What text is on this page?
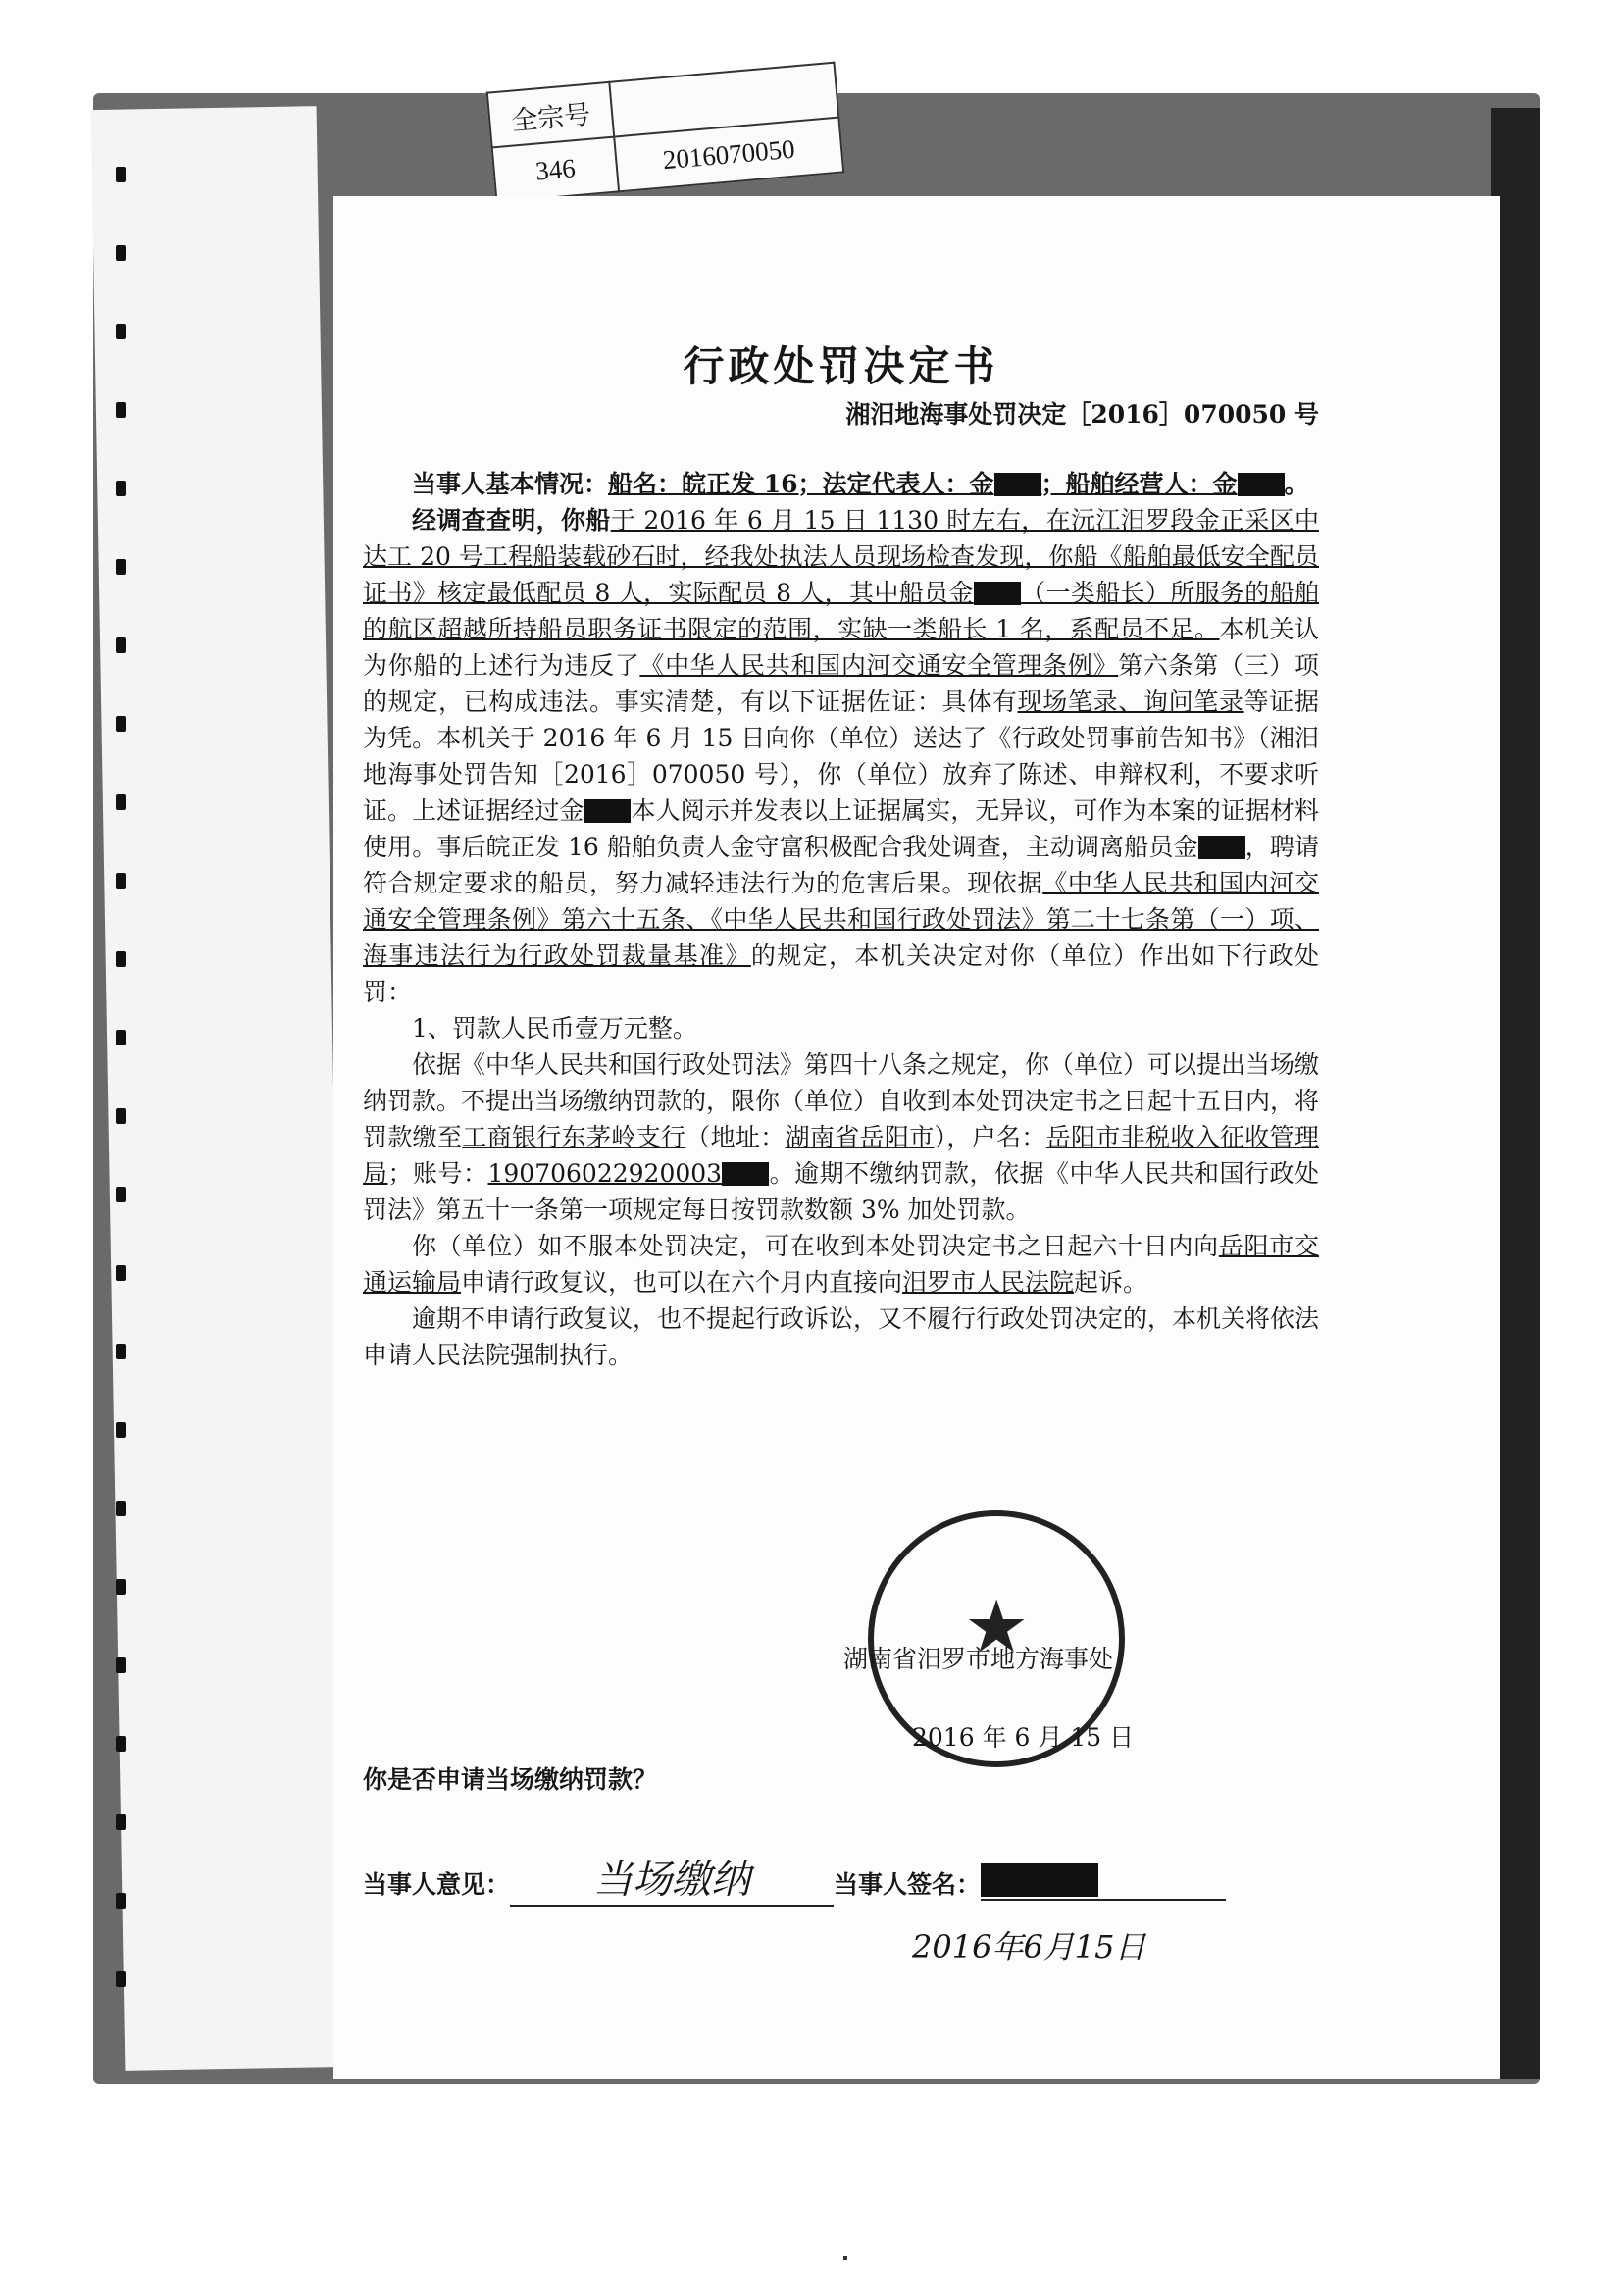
全宗号	
346	2016070050
行政处罚决定书
湘汨地海事处罚决定［2016］070050 号

当事人基本情况：船名：皖正发 16；法定代表人：金 ；船舶经营人：金 。

经调查查明，你船于 2016 年 6 月 15 日 1130 时左右，在沅江汨罗段金正采区中达工 20 号工程船装载砂石时，经我处执法人员现场检查发现，你船《船舶最低安全配员证书》核定最低配员 8 人，实际配员 8 人，其中船员金 （一类船长）所服务的船舶的航区超越所持船员职务证书限定的范围，实缺一类船长 1 名，系配员不足。本机关认为你船的上述行为违反了《中华人民共和国内河交通安全管理条例》第六条第（三）项的规定，已构成违法。事实清楚，有以下证据佐证：具体有现场笔录、询问笔录等证据为凭。本机关于 2016 年 6 月 15 日向你（单位）送达了《行政处罚事前告知书》（湘汨地海事处罚告知［2016］070050 号），你（单位）放弃了陈述、申辩权利，不要求听证。上述证据经过金 本人阅示并发表以上证据属实，无异议，可作为本案的证据材料使用。事后皖正发 16 船舶负责人金守富积极配合我处调查，主动调离船员金 ，聘请符合规定要求的船员，努力减轻违法行为的危害后果。现依据《中华人民共和国内河交通安全管理条例》第六十五条、《中华人民共和国行政处罚法》第二十七条第（一）项、海事违法行为行政处罚裁量基准》的规定，本机关决定对你（单位）作出如下行政处罚：

1、罚款人民币壹万元整。

依据《中华人民共和国行政处罚法》第四十八条之规定，你（单位）可以提出当场缴纳罚款。不提出当场缴纳罚款的，限你（单位）自收到本处罚决定书之日起十五日内，将罚款缴至工商银行东茅岭支行（地址：湖南省岳阳市），户名：岳阳市非税收入征收管理局；账号：190706022920003 。逾期不缴纳罚款，依据《中华人民共和国行政处罚法》第五十一条第一项规定每日按罚款数额 3% 加处罚款。

你（单位）如不服本处罚决定，可在收到本处罚决定书之日起六十日内向岳阳市交通运输局申请行政复议，也可以在六个月内直接向汨罗市人民法院起诉。

逾期不申请行政复议，也不提起行政诉讼，又不履行行政处罚决定的，本机关将依法申请人民法院强制执行。

★
湖南省汨罗市地方海事处
2016 年 6 月 15 日
你是否申请当场缴纳罚款？
当事人意见： 当场缴纳	当事人签名：
2016年6月15日
